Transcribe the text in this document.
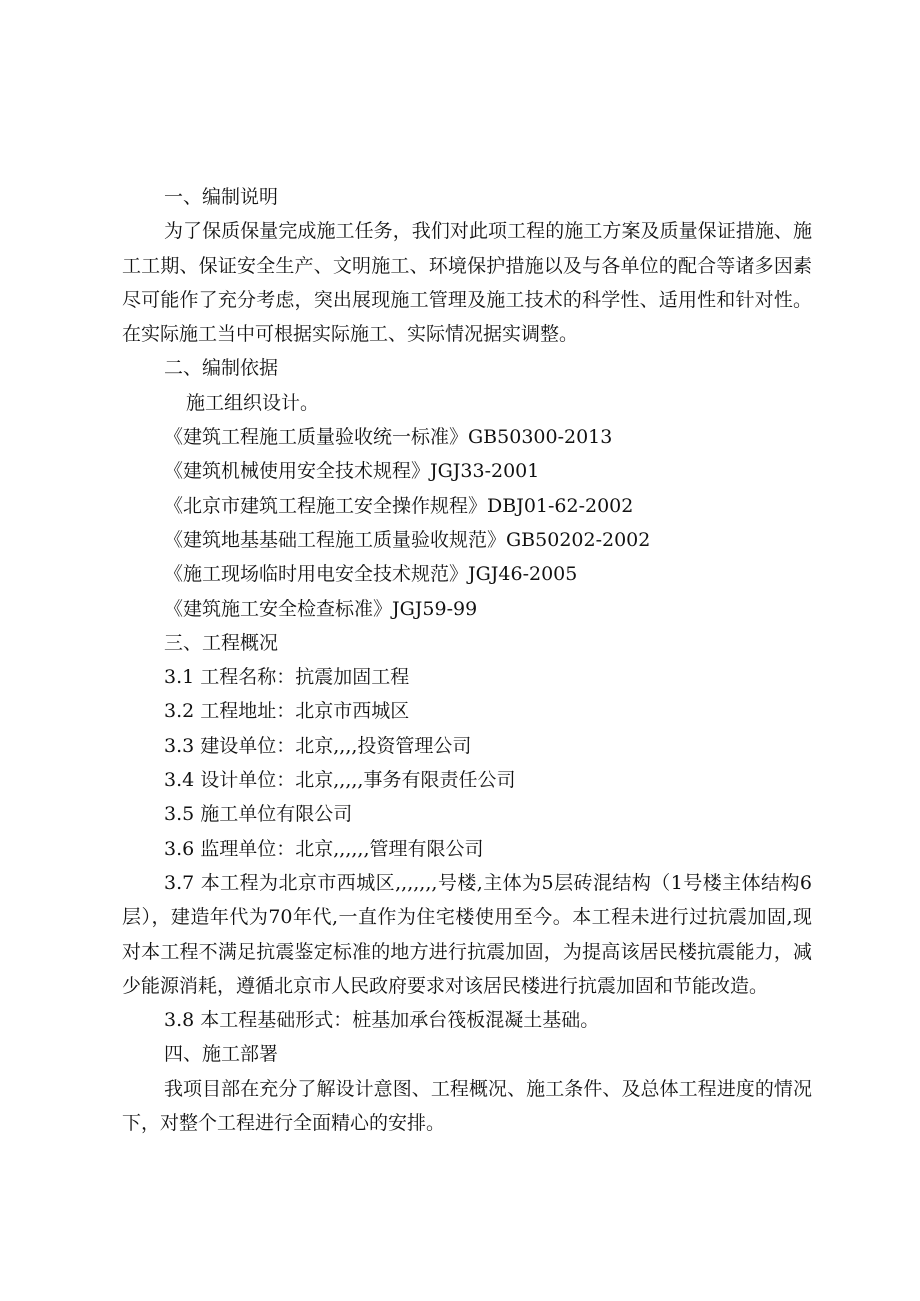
一、编制说明

为了保质保量完成施工任务，我们对此项工程的施工方案及质量保证措施、施工工期、保证安全生产、文明施工、环境保护措施以及与各单位的配合等诸多因素尽可能作了充分考虑，突出展现施工管理及施工技术的科学性、适用性和针对性。在实际施工当中可根据实际施工、实际情况据实调整。

二、编制依据

施工组织设计。

《建筑工程施工质量验收统一标准》GB50300-2013

《建筑机械使用安全技术规程》JGJ33-2001

《北京市建筑工程施工安全操作规程》DBJ01-62-2002

《建筑地基基础工程施工质量验收规范》GB50202-2002

《施工现场临时用电安全技术规范》JGJ46-2005

《建筑施工安全检查标准》JGJ59-99

三、工程概况

3.1 工程名称：抗震加固工程

3.2 工程地址：北京市西城区

3.3 建设单位：北京,,,,投资管理公司

3.4 设计单位：北京,,,,,事务有限责任公司

3.5 施工单位有限公司

3.6 监理单位：北京,,,,,,管理有限公司

3.7 本工程为北京市西城区,,,,,,,号楼,主体为5层砖混结构（1号楼主体结构6层），建造年代为70年代,一直作为住宅楼使用至今。本工程未进行过抗震加固,现对本工程不满足抗震鉴定标准的地方进行抗震加固，为提高该居民楼抗震能力，减少能源消耗，遵循北京市人民政府要求对该居民楼进行抗震加固和节能改造。

3.8 本工程基础形式：桩基加承台筏板混凝土基础。

四、施工部署

我项目部在充分了解设计意图、工程概况、施工条件、及总体工程进度的情况下，对整个工程进行全面精心的安排。
